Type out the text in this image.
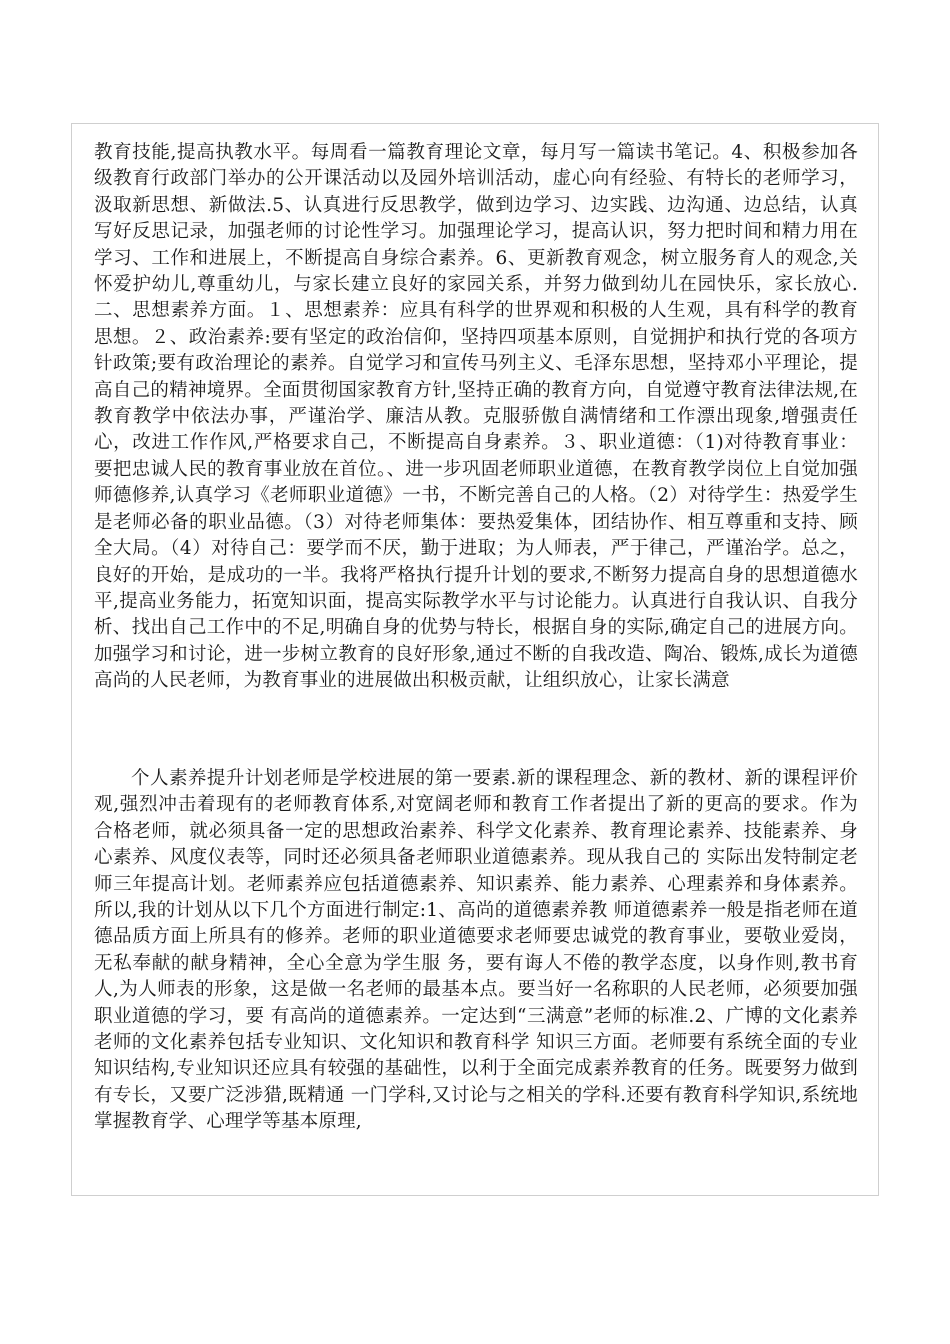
教育技能,提高执教水平。每周看一篇教育理论文章，每月写一篇读书笔记。4、积极参加各级教育行政部门举办的公开课活动以及园外培训活动，虚心向有经验、有特长的老师学习，汲取新思想、新做法.5、认真进行反思教学，做到边学习、边实践、边沟通、边总结，认真写好反思记录，加强老师的讨论性学习。加强理论学习，提高认识，努力把时间和精力用在学习、工作和进展上，不断提高自身综合素养。6、更新教育观念，树立服务育人的观念,关怀爱护幼儿,尊重幼儿，与家长建立良好的家园关系，并努力做到幼儿在园快乐，家长放心.二、思想素养方面。１、思想素养：应具有科学的世界观和积极的人生观，具有科学的教育思想。２、政治素养:要有坚定的政治信仰，坚持四项基本原则，自觉拥护和执行党的各项方针政策;要有政治理论的素养。自觉学习和宣传马列主义、毛泽东思想，坚持邓小平理论，提高自己的精神境界。全面贯彻国家教育方针,坚持正确的教育方向，自觉遵守教育法律法规,在教育教学中依法办事，严谨治学、廉洁从教。克服骄傲自满情绪和工作漂出现象,增强责任心，改进工作作风,严格要求自己，不断提高自身素养。３、职业道德：（1)对待教育事业：要把忠诚人民的教育事业放在首位。、进一步巩固老师职业道德，在教育教学岗位上自觉加强师德修养,认真学习《老师职业道德》一书，不断完善自己的人格。（2）对待学生：热爱学生是老师必备的职业品德。（3）对待老师集体：要热爱集体，团结协作、相互尊重和支持、顾全大局。（4）对待自己：要学而不厌，勤于进取；为人师表，严于律己，严谨治学。总之，良好的开始，是成功的一半。我将严格执行提升计划的要求,不断努力提高自身的思想道德水平,提高业务能力，拓宽知识面，提高实际教学水平与讨论能力。认真进行自我认识、自我分析、找出自己工作中的不足,明确自身的优势与特长，根据自身的实际,确定自己的进展方向。加强学习和讨论，进一步树立教育的良好形象,通过不断的自我改造、陶冶、锻炼,成长为道德高尚的人民老师，为教育事业的进展做出积极贡献，让组织放心，让家长满意
个人素养提升计划老师是学校进展的第一要素.新的课程理念、新的教材、新的课程评价观,强烈冲击着现有的老师教育体系,对宽阔老师和教育工作者提出了新的更高的要求。作为 合格老师，就必须具备一定的思想政治素养、科学文化素养、教育理论素养、技能素养、身心素养、风度仪表等，同时还必须具备老师职业道德素养。现从我自己的 实际出发特制定老师三年提高计划。老师素养应包括道德素养、知识素养、能力素养、心理素养和身体素养。所以,我的计划从以下几个方面进行制定:1、高尚的道德素养教 师道德素养一般是指老师在道德品质方面上所具有的修养。老师的职业道德要求老师要忠诚党的教育事业，要敬业爱岗，无私奉献的献身精神，全心全意为学生服 务，要有诲人不倦的教学态度，以身作则,教书育人,为人师表的形象，这是做一名老师的最基本点。要当好一名称职的人民老师，必须要加强职业道德的学习，要 有高尚的道德素养。一定达到“三满意”老师的标准.2、广博的文化素养老师的文化素养包括专业知识、文化知识和教育科学 知识三方面。老师要有系统全面的专业知识结构,专业知识还应具有较强的基础性，以利于全面完成素养教育的任务。既要努力做到有专长，又要广泛涉猎,既精通 一门学科,又讨论与之相关的学科.还要有教育科学知识,系统地掌握教育学、心理学等基本原理,
